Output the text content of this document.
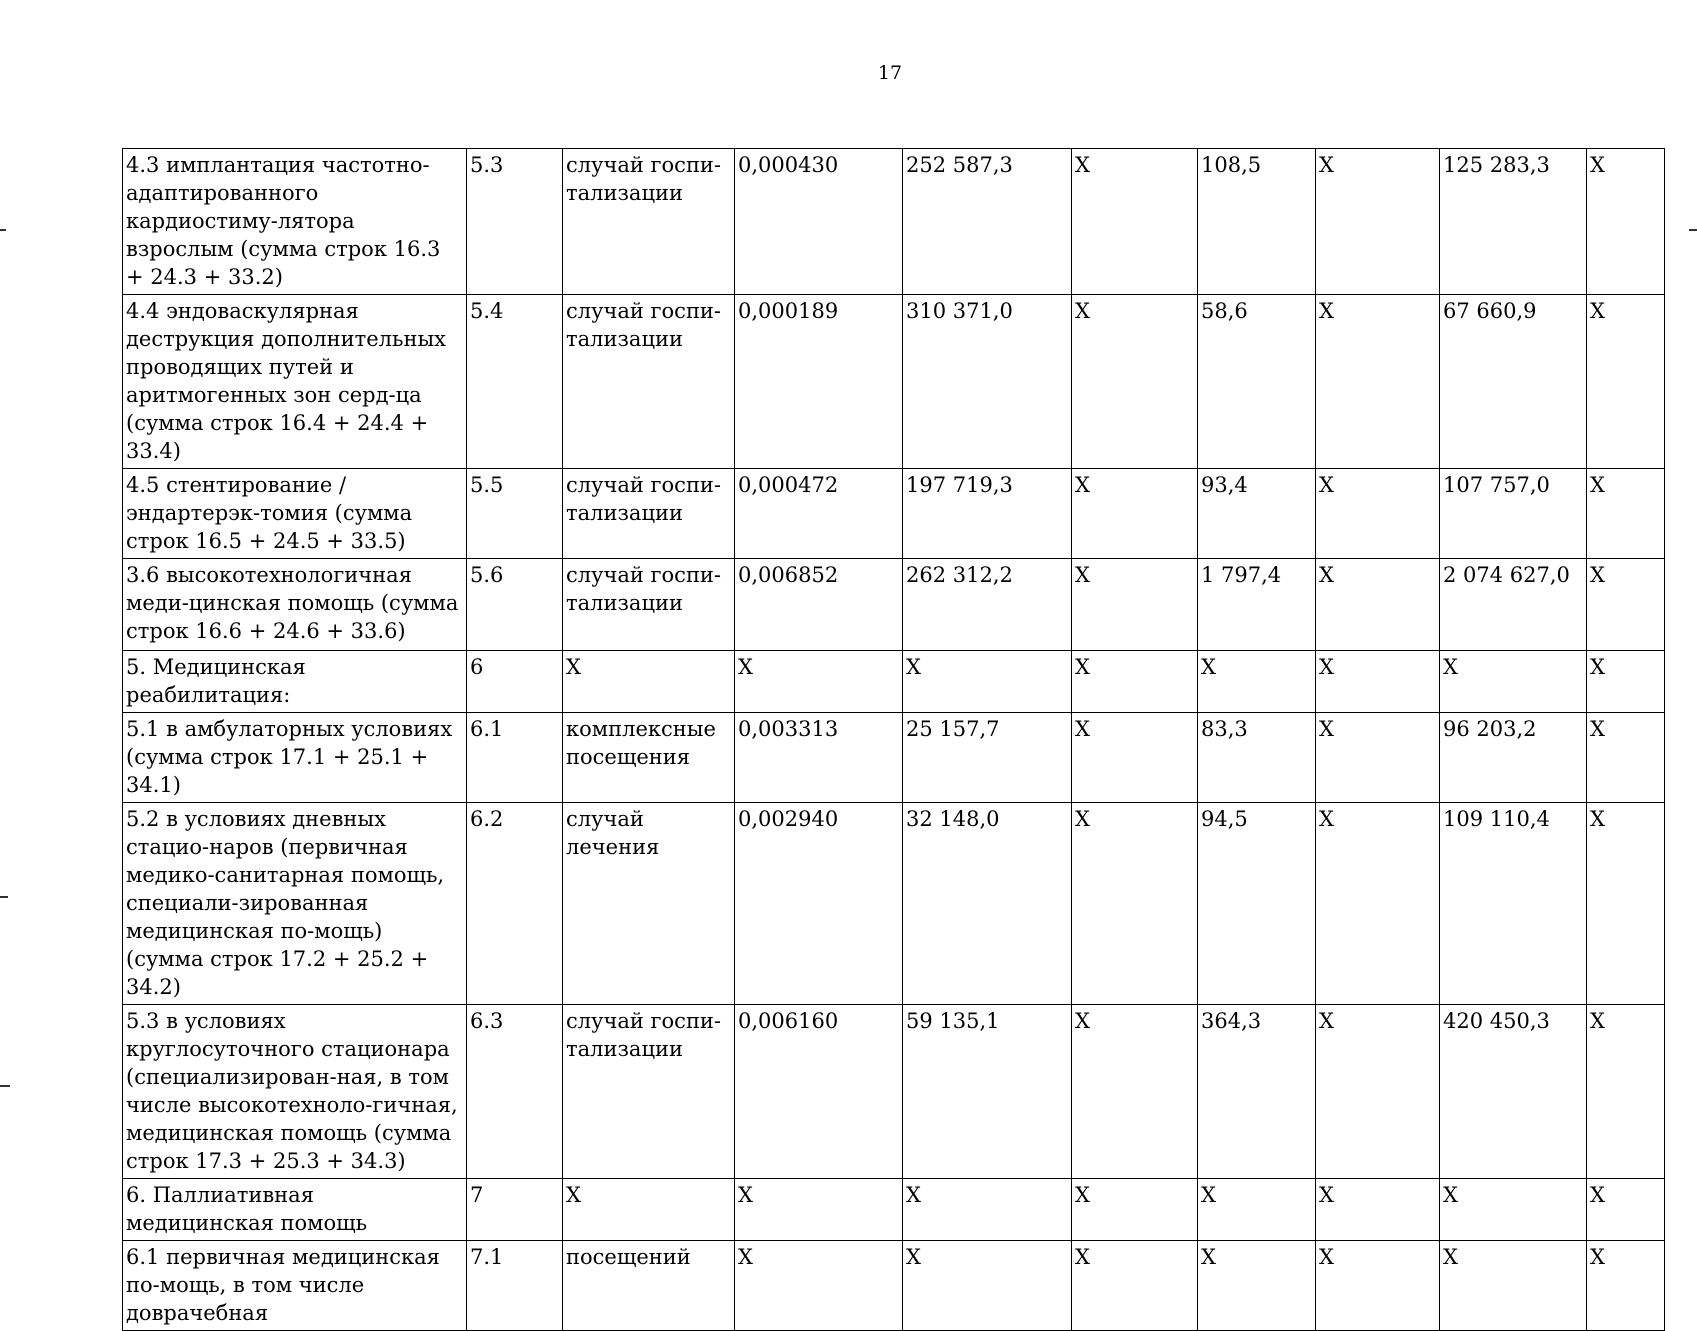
17
4.3 имплантация частотно-адаптированного кардиостиму-лятора взрослым (сумма строк 16.3 + 24.3 + 33.2)	5.3	случай госпи-тализации	0,000430	252 587,3	X	108,5	X	125 283,3	X
4.4 эндоваскулярная деструкция дополнительных проводящих путей и аритмогенных зон серд-ца (сумма строк 16.4 + 24.4 + 33.4)	5.4	случай госпи-тализации	0,000189	310 371,0	X	58,6	X	67 660,9	X
4.5 стентирование / эндартерэк-томия (сумма строк 16.5 + 24.5 + 33.5)	5.5	случай госпи-тализации	0,000472	197 719,3	X	93,4	X	107 757,0	X
3.6 высокотехнологичная меди-цинская помощь (сумма строк 16.6 + 24.6 + 33.6)	5.6	случай госпи-тализации	0,006852	262 312,2	X	1 797,4	X	2 074 627,0	X
5. Медицинская реабилитация:	6	X	X	X	X	X	X	X	X
5.1 в амбулаторных условиях (сумма строк 17.1 + 25.1 + 34.1)	6.1	комплексные посещения	0,003313	25 157,7	X	83,3	X	96 203,2	X
5.2 в условиях дневных стацио-наров (первичная медико-санитарная помощь, специали-зированная медицинская по-мощь) (сумма строк 17.2 + 25.2 + 34.2)	6.2	случай лечения	0,002940	32 148,0	X	94,5	X	109 110,4	X
5.3 в условиях круглосуточного стационара (специализирован-ная, в том числе высокотехноло-гичная, медицинская помощь (сумма строк 17.3 + 25.3 + 34.3)	6.3	случай госпи-тализации	0,006160	59 135,1	X	364,3	X	420 450,3	X
6. Паллиативная медицинская помощь	7	X	X	X	X	X	X	X	X
6.1 первичная медицинская по-мощь, в том числе доврачебная	7.1	посещений	X	X	X	X	X	X	X
